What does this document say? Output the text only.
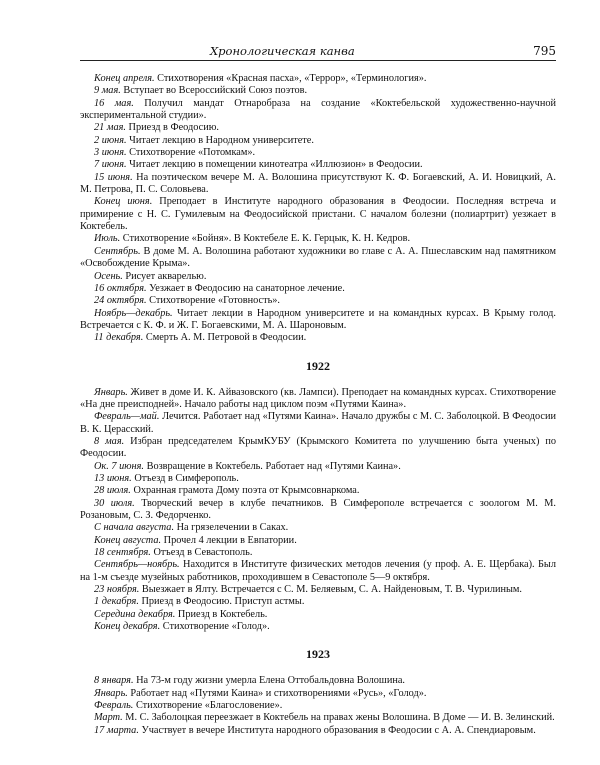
Хронологическая канва	795

Конец апреля. Стихотворения «Красная пасха», «Террор», «Терминология».

9 мая. Вступает во Всероссийский Союз поэтов.

16 мая. Получил мандат Отнаробраза на создание «Коктебельской художественно-научной экспериментальной студии».

21 мая. Приезд в Феодосию.

2 июня. Читает лекцию в Народном университете.

3 июня. Стихотворение «Потомкам».

7 июня. Читает лекцию в помещении кинотеатра «Иллюзион» в Феодосии.

15 июня. На поэтическом вечере М. А. Волошина присутствуют К. Ф. Богаевский, А. И. Новицкий, А. М. Петрова, П. С. Соловьева.

Конец июня. Преподает в Институте народного образования в Феодосии. Последняя встреча и примирение с Н. С. Гумилевым на Феодосийской пристани. С началом болезни (полиартрит) уезжает в Коктебель.

Июль. Стихотворение «Бойня». В Коктебеле Е. К. Герцык, К. Н. Кедров.

Сентябрь. В доме М. А. Волошина работают художники во главе с А. А. Пшеславским над памятником «Освобождение Крыма».

Осень. Рисует акварелью.

16 октября. Уезжает в Феодосию на санаторное лечение.

24 октября. Стихотворение «Готовность».

Ноябрь—декабрь. Читает лекции в Народном университете и на командных курсах. В Крыму голод. Встречается с К. Ф. и Ж. Г. Богаевскими, М. А. Шароновым.

11 декабря. Смерть А. М. Петровой в Феодосии.

1922

Январь. Живет в доме И. К. Айвазовского (кв. Лампси). Преподает на командных курсах. Стихотворение «На дне преисподней». Начало работы над циклом поэм «Путями Каина».

Февраль—май. Лечится. Работает над «Путями Каина». Начало дружбы с М. С. Заболоцкой. В Феодосии В. К. Церасский.

8 мая. Избран председателем КрымКУБУ (Крымского Комитета по улучшению быта ученых) по Феодосии.

Ок. 7 июня. Возвращение в Коктебель. Работает над «Путями Каина».

13 июня. Отъезд в Симферополь.

28 июля. Охранная грамота Дому поэта от Крымсовнаркома.

30 июля. Творческий вечер в клубе печатников. В Симферополе встречается с зоологом М. М. Розановым, С. З. Федорченко.

С начала августа. На грязелечении в Саках.

Конец августа. Прочел 4 лекции в Евпатории.

18 сентября. Отъезд в Севастополь.

Сентябрь—ноябрь. Находится в Институте физических методов лечения (у проф. А. Е. Щербака). Был на 1-м съезде музейных работников, проходившем в Севастополе 5—9 октября.

23 ноября. Выезжает в Ялту. Встречается с С. М. Беляевым, С. А. Найденовым, Т. В. Чурилиным.

1 декабря. Приезд в Феодосию. Приступ астмы.

Середина декабря. Приезд в Коктебель.

Конец декабря. Стихотворение «Голод».

1923

8 января. На 73-м году жизни умерла Елена Оттобальдовна Волошина.

Январь. Работает над «Путями Каина» и стихотворениями «Русь», «Голод».

Февраль. Стихотворение «Благословение».

Март. М. С. Заболоцкая переезжает в Коктебель на правах жены Волошина. В Доме — И. В. Зелинский.

17 марта. Участвует в вечере Института народного образования в Феодосии с А. А. Спендиаровым.
